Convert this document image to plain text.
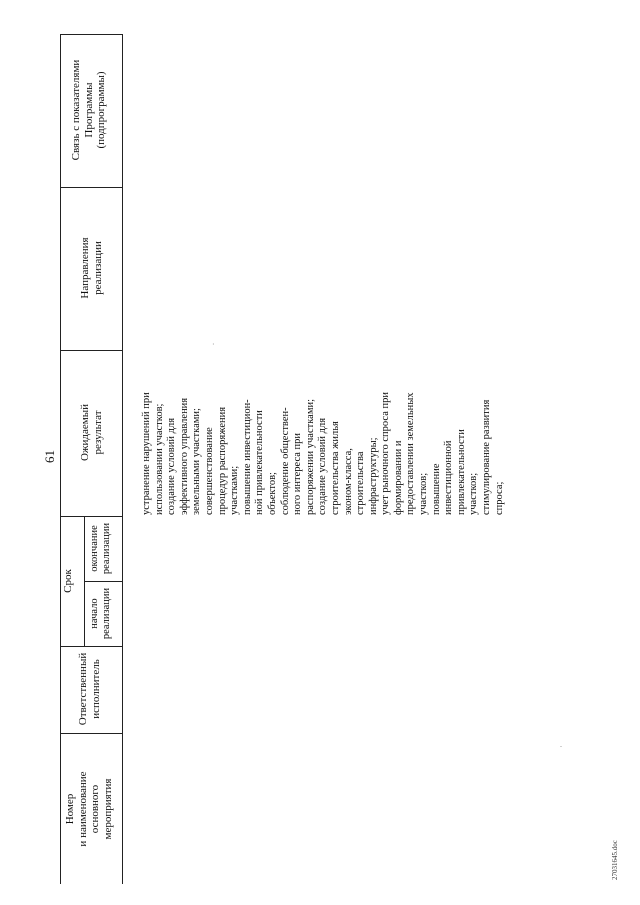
61
Номер
и наименование
основного
мероприятия
Ответственный
исполнитель
Срок
начало
реализации
окончание
реализации
Ожидаемый
результат
Направления
реализации
Связь с показателями
Программы
(подпрограммы)
устранение нарушений при использовании участков; создание условий для эффективного управления земельными участками; совершенствование процедур распоряжения участками; повышение инвестицион- ной привлекательности объектов; соблюдение обществен- ного интереса при распоряжении участками; создание условий для строительства жилья эконом-класса, строительства инфраструктуры; учет рыночного спроса при формировании и предоставлении земельных участков; повышение инвестиционной привлекательности участков; стимулирование развития спроса;
27031645.doc
.
·
